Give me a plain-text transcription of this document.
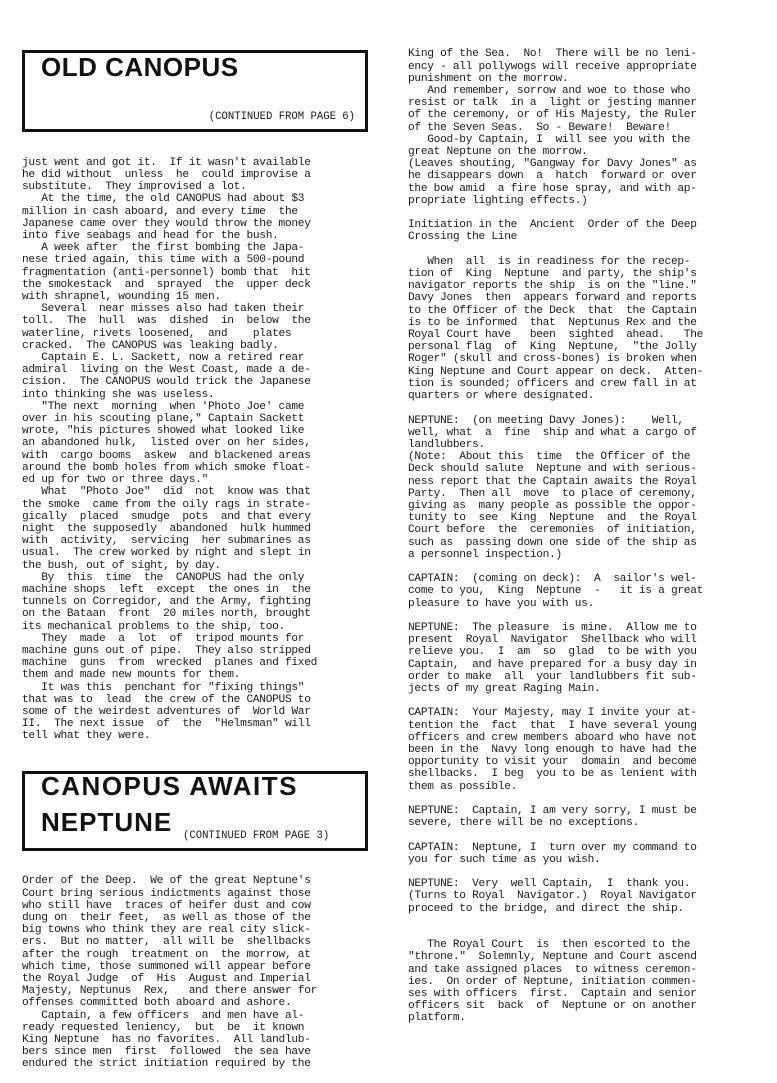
OLD CANOPUS
(CONTINUED FROM PAGE 6)

just went and got it.  If it wasn't available
he did without  unless  he  could improvise a
substitute.  They improvised a lot.
At the time, the old CANOPUS had about $3
million in cash aboard, and every time  the
Japanese came over they would throw the money
into five seabags and head for the bush.
A week after  the first bombing the Japa-
nese tried again, this time with a 500-pound
fragmentation (anti-personnel) bomb that  hit
the smokestack  and  sprayed  the  upper deck
with shrapnel, wounding 15 men.
Several  near misses also had taken their
toll.  The  hull  was  dished  in  below  the
waterline, rivets loosened,  and    plates
cracked.  The CANOPUS was leaking badly.
Captain E. L. Sackett, now a retired rear
admiral  living on the West Coast, made a de-
cision.  The CANOPUS would trick the Japanese
into thinking she was useless.
"The next  morning  when 'Photo Joe' came
over in his scouting plane," Captain Sackett
wrote, "his pictures showed what looked like
an abandoned hulk,  listed over on her sides,
with  cargo booms  askew  and blackened areas
around the bomb holes from which smoke float-
ed up for two or three days."
What  "Photo Joe"  did  not  know was that
the smoke  came from the oily rags in strate-
gically  placed  smudge  pots  and that every
night  the supposedly  abandoned  hulk hummed
with  activity,  servicing  her submarines as
usual.  The crew worked by night and slept in
the bush, out of sight, by day.
By  this  time  the  CANOPUS had the only
machine shops  left  except  the ones in  the
tunnels on Corregidor, and the Army, fighting
on the Bataan  front  20 miles north, brought
its mechanical problems to the ship, too.
They  made  a  lot  of  tripod mounts for
machine guns out of pipe.  They also stripped
machine  guns  from  wrecked  planes and fixed
them and made new mounts for them.
It was this  penchant for "fixing things"
that was to  lead  the crew of the CANOPUS to
some of the weirdest adventures of  World War
II.  The next issue  of  the  "Helmsman" will
tell what they were.

CANOPUS AWAITS
NEPTUNE (CONTINUED FROM PAGE 3)

Order of the Deep.  We of the great Neptune's
Court bring serious indictments against those
who still have  traces of heifer dust and cow
dung on  their feet,  as well as those of the
big towns who think they are real city slick-
ers.  But no matter,  all will be  shellbacks
after the rough  treatment on  the morrow, at
which time, those summoned will appear before
the Royal Judge  of  His  August and Imperial
Majesty, Neptunus  Rex,   and there answer for
offenses committed both aboard and ashore.
Captain, a few officers  and men have al-
ready requested leniency,  but  be  it known
King Neptune  has no favorites.  All landlub-
bers since men  first  followed  the sea have
endured the strict initiation required by the

King of the Sea.  No!  There will be no leni-
ency - all pollywogs will receive appropriate
punishment on the morrow.
And remember, sorrow and woe to those who
resist or talk  in a  light or jesting manner
of the ceremony, or of His Majesty, the Ruler
of the Seven Seas.  So - Beware!  Beware!
Good-by Captain, I  will see you with the
great Neptune on the morrow.
(Leaves shouting, "Gangway for Davy Jones" as
he disappears down  a  hatch  forward or over
the bow amid  a fire hose spray, and with ap-
propriate lighting effects.)

Initiation in the  Ancient  Order of the Deep
Crossing the Line

When  all  is in readiness for the recep-
tion of  King  Neptune  and party, the ship's
navigator reports the ship  is on the "line."
Davy Jones  then  appears forward and reports
to the Officer of the Deck  that  the Captain
is to be informed  that  Neptunus Rex and the
Royal Court have   been  sighted  ahead.   The
personal flag  of  King  Neptune,  "the Jolly
Roger" (skull and cross-bones) is broken when
King Neptune and Court appear on deck.  Atten-
tion is sounded; officers and crew fall in at
quarters or where designated.

NEPTUNE:  (on meeting Davy Jones):    Well,
well, what  a  fine  ship and what a cargo of
landlubbers.
(Note:  About this  time  the Officer of the
Deck should salute  Neptune and with serious-
ness report that the Captain awaits the Royal
Party.  Then all  move  to place of ceremony,
giving as  many people as possible the oppor-
tunity to  see  King  Neptune  and  the Royal
Court before  the  ceremonies  of initiation,
such as  passing down one side of the ship as
a personnel inspection.)

CAPTAIN:  (coming on deck):  A  sailor's wel-
come to you,  King  Neptune  -   it is a great
pleasure to have you with us.

NEPTUNE:  The pleasure  is mine.  Allow me to
present  Royal  Navigator  Shellback who will
relieve you.  I  am  so  glad  to be with you
Captain,  and have prepared for a busy day in
order to make  all  your landlubbers fit sub-
jects of my great Raging Main.

CAPTAIN:  Your Majesty, may I invite your at-
tention the  fact  that  I have several young
officers and crew members aboard who have not
been in the  Navy long enough to have had the
opportunity to visit your  domain  and become
shellbacks.  I beg  you to be as lenient with
them as possible.

NEPTUNE:  Captain, I am very sorry, I must be
severe, there will be no exceptions.

CAPTAIN:  Neptune, I  turn over my command to
you for such time as you wish.

NEPTUNE:  Very  well Captain,  I  thank you.
(Turns to Royal  Navigator.)  Royal Navigator
proceed to the bridge, and direct the ship.

The Royal Court  is  then escorted to the
"throne."  Solemnly, Neptune and Court ascend
and take assigned places  to witness ceremon-
ies.  On order of Neptune, initiation commen-
ses with officers  first.  Captain and senior
officers sit  back  of  Neptune or on another
platform.
